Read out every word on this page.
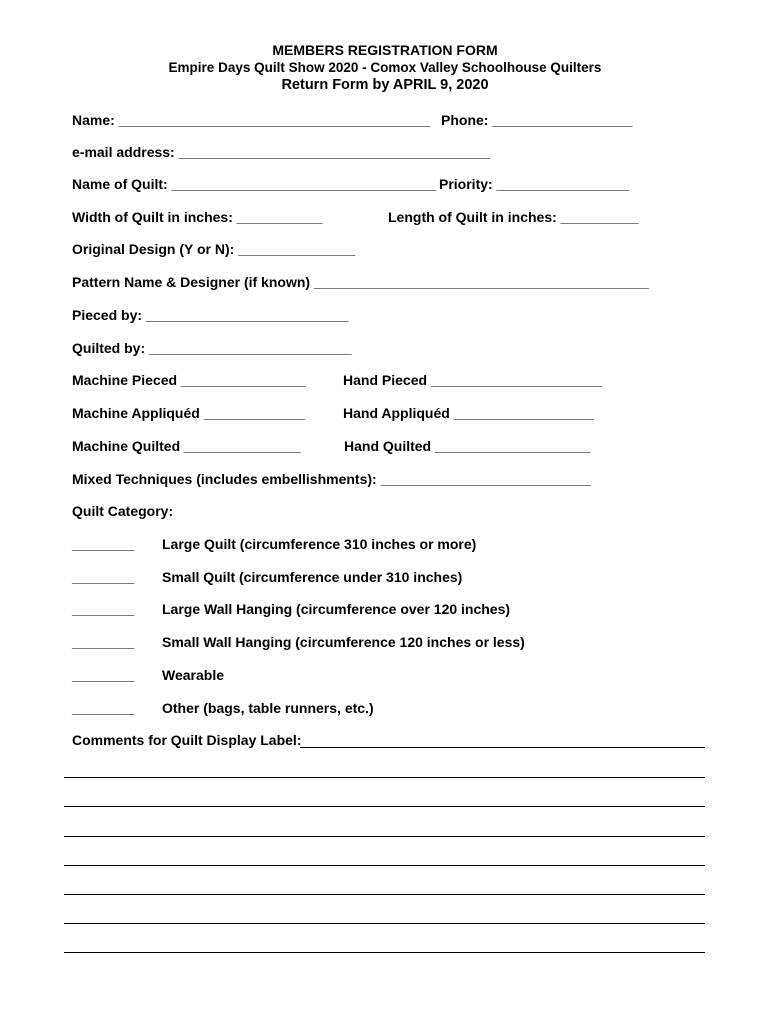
MEMBERS REGISTRATION FORM
Empire Days Quilt Show 2020 - Comox Valley Schoolhouse Quilters
Return Form by APRIL 9, 2020
Name: ________________________________________ Phone: __________________
e-mail address: ________________________________________
Name of Quilt: __________________________________ Priority: _________________
Width of Quilt in inches: ___________	Length of Quilt in inches: __________
Original Design (Y or N): _______________
Pattern Name & Designer (if known) ___________________________________________
Pieced by: __________________________
Quilted by: __________________________
Machine Pieced ________________	Hand Pieced ______________________
Machine Appliquéd _____________	Hand Appliquéd __________________
Machine Quilted _______________	Hand Quilted ____________________
Mixed Techniques (includes embellishments): ___________________________
Quilt Category:
________ Large Quilt (circumference 310 inches or more)
________ Small Quilt (circumference under 310 inches)
________ Large Wall Hanging (circumference over 120 inches)
________ Small Wall Hanging (circumference 120 inches or less)
________ Wearable
________ Other (bags, table runners, etc.)
Comments for Quilt Display Label:
